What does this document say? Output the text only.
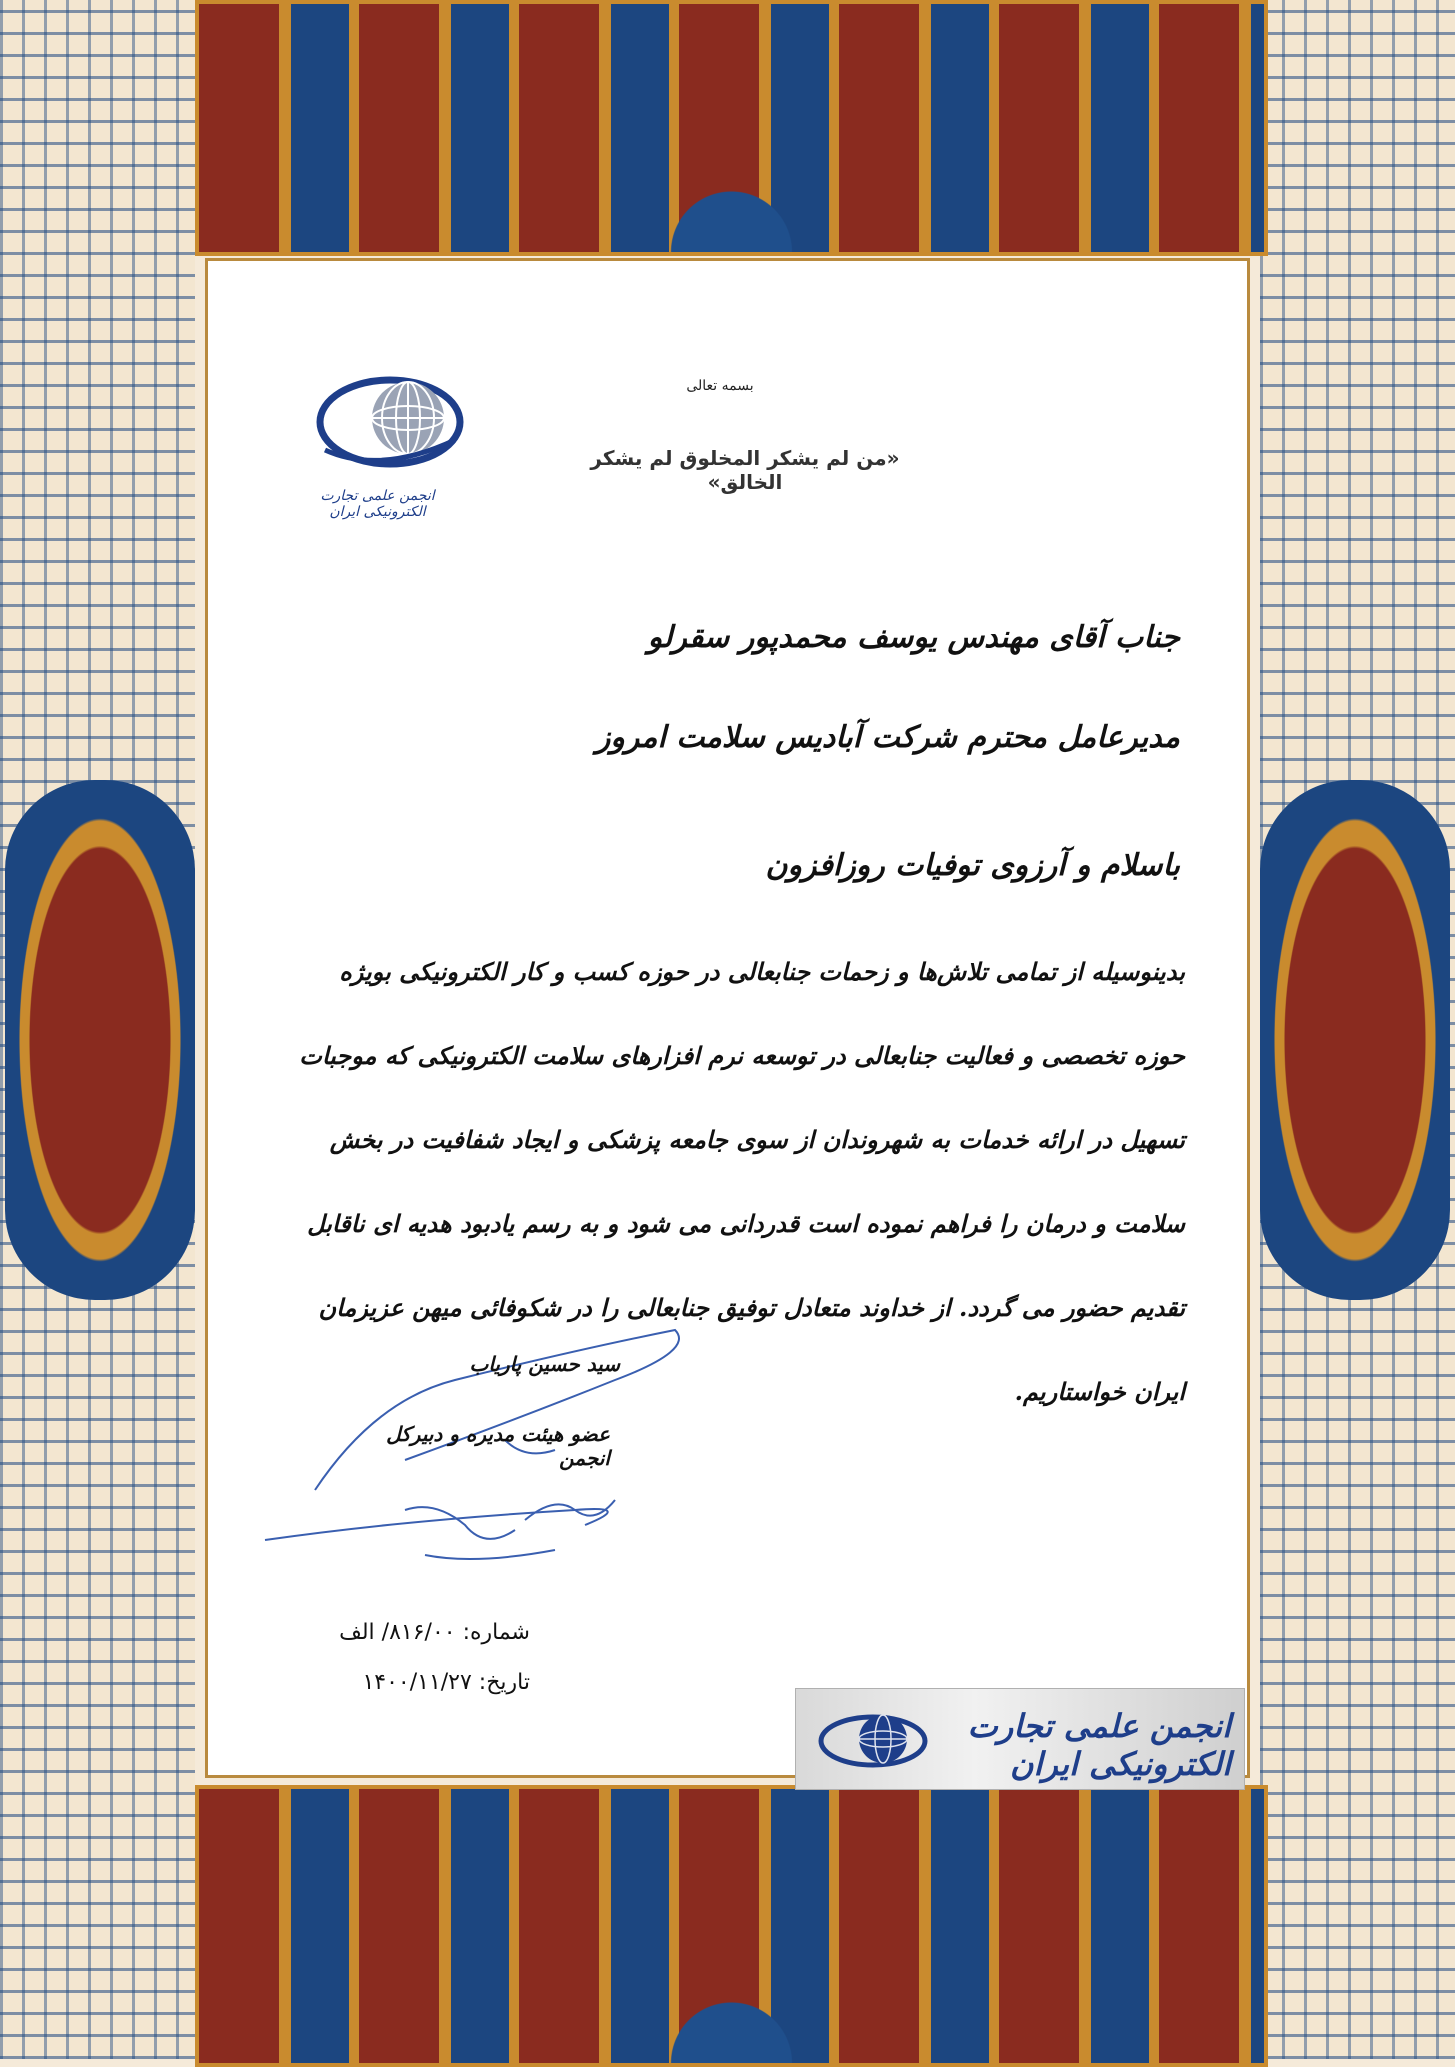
انجمن علمی تجارت الکترونیکی ایران
بسمه تعالی
«من لم يشكر المخلوق لم يشكر الخالق»
جناب آقای مهندس یوسف محمدپور سقرلو
مدیرعامل محترم شرکت آبادیس سلامت امروز
باسلام و آرزوی توفیات روزافزون
بدینوسیله از تمامی تلاش‌ها و زحمات جنابعالی در حوزه کسب و کار الکترونیکی بویژه حوزه تخصصی و فعالیت جنابعالی در توسعه نرم افزارهای سلامت الکترونیکی که موجبات تسهیل در ارائه خدمات به شهروندان از سوی جامعه پزشکی و ایجاد شفافیت در بخش سلامت و درمان را فراهم نموده است قدردانی می شود و به رسم یادبود هدیه ای ناقابل تقدیم حضور می گردد. از خداوند متعادل توفیق جنابعالی را در شکوفائی میهن عزیزمان ایران خواستاریم.
سید حسین پاریاب
عضو هیئت مدیره و دبیرکل انجمن
شماره: ۸۱۶/۰۰/ الف
تاریخ: ۱۴۰۰/۱۱/۲۷
انجمن علمی تجارت الکترونیکی ایران
